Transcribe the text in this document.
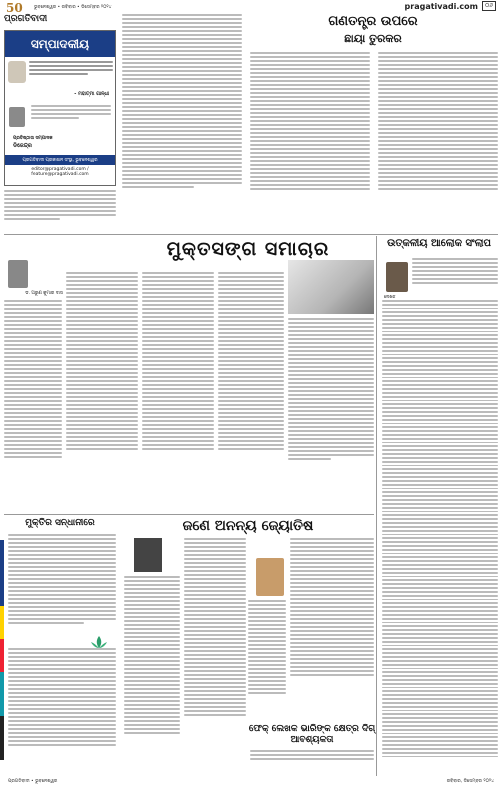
50	ଭୁବନେଶ୍ୱର • ରବିବାର • ଡିସେମ୍ବର ୨୦୨୪	pragativadi.com	୦୬
ପ୍ରଗତିବାଦୀ
ସମ୍ପାଦକୀୟ
- ମହାତ୍ମା ଗାନ୍ଧୀ
ପ୍ରତିଷ୍ଠାତା ସମ୍ପାଦକ
ଡିଜେନ୍ଦ୍ର
ପ୍ରଗତିବାଦୀ ପ୍ରକାଶନ ସଂସ୍ଥା, ଭୁବନେଶ୍ୱର
editor@pragativadi.com / feature@pragativadi.com
ଗଣତନ୍ତ୍ର ଉପରେ
ଛାୟା ତୁରକର
ମୁକ୍ତସଙ୍ଗ ସମାଚାର
ଡ. ଅରୁଣ କୁମାର ଦାସ
ଉତ୍କଳୀୟ ଆଲୋକ ସଂଲାପ
ଲେଖକ
ମୁକ୍ତିର ସନ୍ଧାନୀରେ	ଜଣେ ଅନନ୍ୟ ଜ୍ୟୋତିଷ
ଫେକ୍ ଲେଖକ ଭାରିଙ୍କ କ୍ଷେତ୍ର ଦିଗ୍ ଆବଶ୍ୟକତା
ପ୍ରଗତିବାଦୀ • ଭୁବନେଶ୍ୱର	ରବିବାର, ଡିସେମ୍ବର ୨୦୨୪
